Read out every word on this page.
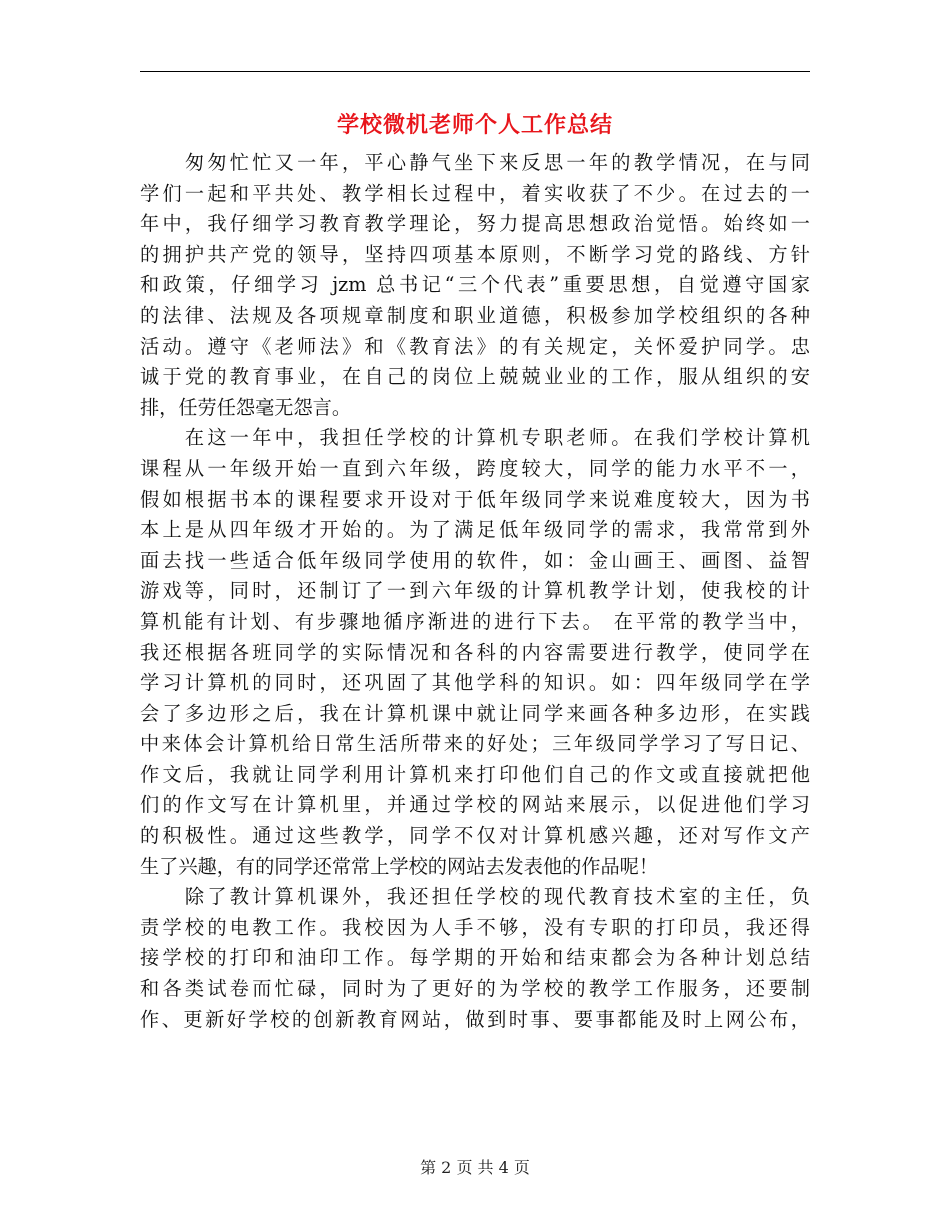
学校微机老师个人工作总结

　　匆匆忙忙又一年，平心静气坐下来反思一年的教学情况，在与同
学们一起和平共处、教学相长过程中，着实收获了不少。在过去的一
年中，我仔细学习教育教学理论，努力提高思想政治觉悟。始终如一
的拥护共产党的领导，坚持四项基本原则，不断学习党的路线、方针
和政策，仔细学习 jzm 总书记“三个代表”重要思想，自觉遵守国家
的法律、法规及各项规章制度和职业道德，积极参加学校组织的各种
活动。遵守《老师法》和《教育法》的有关规定，关怀爱护同学。忠
诚于党的教育事业，在自己的岗位上兢兢业业的工作，服从组织的安
排，任劳任怨毫无怨言。

　　在这一年中，我担任学校的计算机专职老师。在我们学校计算机
课程从一年级开始一直到六年级，跨度较大，同学的能力水平不一，
假如根据书本的课程要求开设对于低年级同学来说难度较大，因为书
本上是从四年级才开始的。为了满足低年级同学的需求，我常常到外
面去找一些适合低年级同学使用的软件，如：金山画王、画图、益智
游戏等，同时，还制订了一到六年级的计算机教学计划，使我校的计
算机能有计划、有步骤地循序渐进的进行下去。 在平常的教学当中，
我还根据各班同学的实际情况和各科的内容需要进行教学，使同学在
学习计算机的同时，还巩固了其他学科的知识。如：四年级同学在学
会了多边形之后，我在计算机课中就让同学来画各种多边形，在实践
中来体会计算机给日常生活所带来的好处；三年级同学学习了写日记、
作文后，我就让同学利用计算机来打印他们自己的作文或直接就把他
们的作文写在计算机里，并通过学校的网站来展示，以促进他们学习
的积极性。通过这些教学，同学不仅对计算机感兴趣，还对写作文产
生了兴趣，有的同学还常常上学校的网站去发表他的作品呢！

　　除了教计算机课外，我还担任学校的现代教育技术室的主任，负
责学校的电教工作。我校因为人手不够，没有专职的打印员，我还得
接学校的打印和油印工作。每学期的开始和结束都会为各种计划总结
和各类试卷而忙碌，同时为了更好的为学校的教学工作服务，还要制
作、更新好学校的创新教育网站，做到时事、要事都能及时上网公布，

第 2 页 共 4 页
